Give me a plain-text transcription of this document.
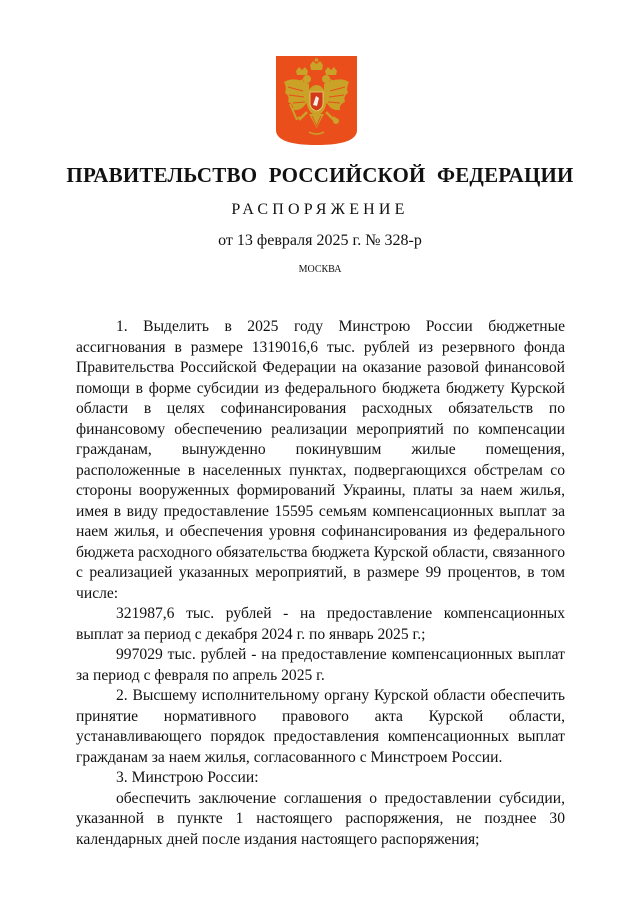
ПРАВИТЕЛЬСТВО РОССИЙСКОЙ ФЕДЕРАЦИИ
РАСПОРЯЖЕНИЕ
от 13 февраля 2025 г. № 328-р
МОСКВА

1. Выделить в 2025 году Минстрою России бюджетные ассигнования в размере 1319016,6 тыс. рублей из резервного фонда Правительства Российской Федерации на оказание разовой финансовой помощи в форме субсидии из федерального бюджета бюджету Курской области в целях софинансирования расходных обязательств по финансовому обеспечению реализации мероприятий по компенсации гражданам, вынужденно покинувшим жилые помещения, расположенные в населенных пунктах, подвергающихся обстрелам со стороны вооруженных формирований Украины, платы за наем жилья, имея в виду предоставление 15595 семьям компенсационных выплат за наем жилья, и обеспечения уровня софинансирования из федерального бюджета расходного обязательства бюджета Курской области, связанного с реализацией указанных мероприятий, в размере 99 процентов, в том числе:

321987,6 тыс. рублей - на предоставление компенсационных выплат за период с декабря 2024 г. по январь 2025 г.;

997029 тыс. рублей - на предоставление компенсационных выплат за период с февраля по апрель 2025 г.

2. Высшему исполнительному органу Курской области обеспечить принятие нормативного правового акта Курской области, устанавливающего порядок предоставления компенсационных выплат гражданам за наем жилья, согласованного с Минстроем России.

3. Минстрою России:

обеспечить заключение соглашения о предоставлении субсидии, указанной в пункте 1 настоящего распоряжения, не позднее 30 календарных дней после издания настоящего распоряжения;
